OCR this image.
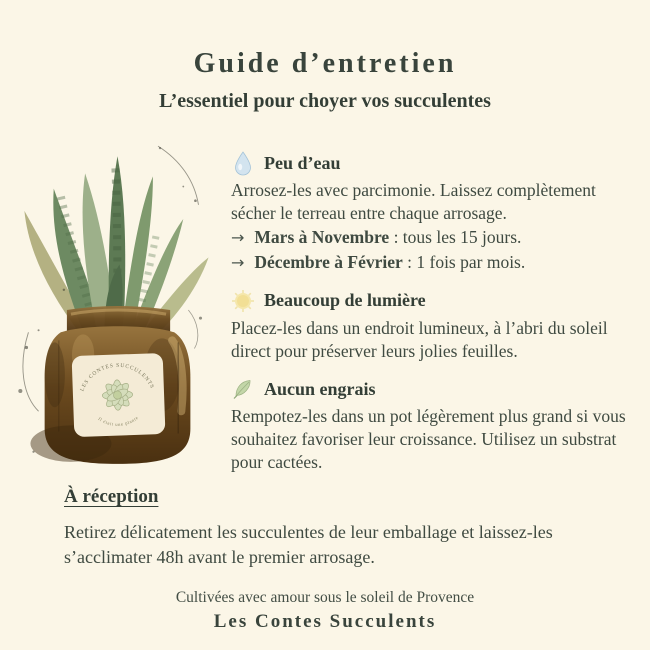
Guide d’entretien
L’essentiel pour choyer vos succulentes
LES CONTES SUCCULENTS
Il était une plante
Peu d’eau

Arrosez-les avec parcimonie. Laissez complètement sécher le terreau entre chaque arrosage.

→ Mars à Novembre : tous les 15 jours.
→ Décembre à Février : 1 fois par mois.
Beaucoup de lumière

Placez-les dans un endroit lumineux, à l’abri du soleil direct pour préserver leurs jolies feuilles.

Aucun engrais

Rempotez-les dans un pot légèrement plus grand si vous souhaitez favoriser leur croissance. Utilisez un substrat pour cactées.

À réception

Retirez délicatement les succulentes de leur emballage et laissez-les s’acclimater 48h avant le premier arrosage.

Cultivées avec amour sous le soleil de Provence
Les Contes Succulents
